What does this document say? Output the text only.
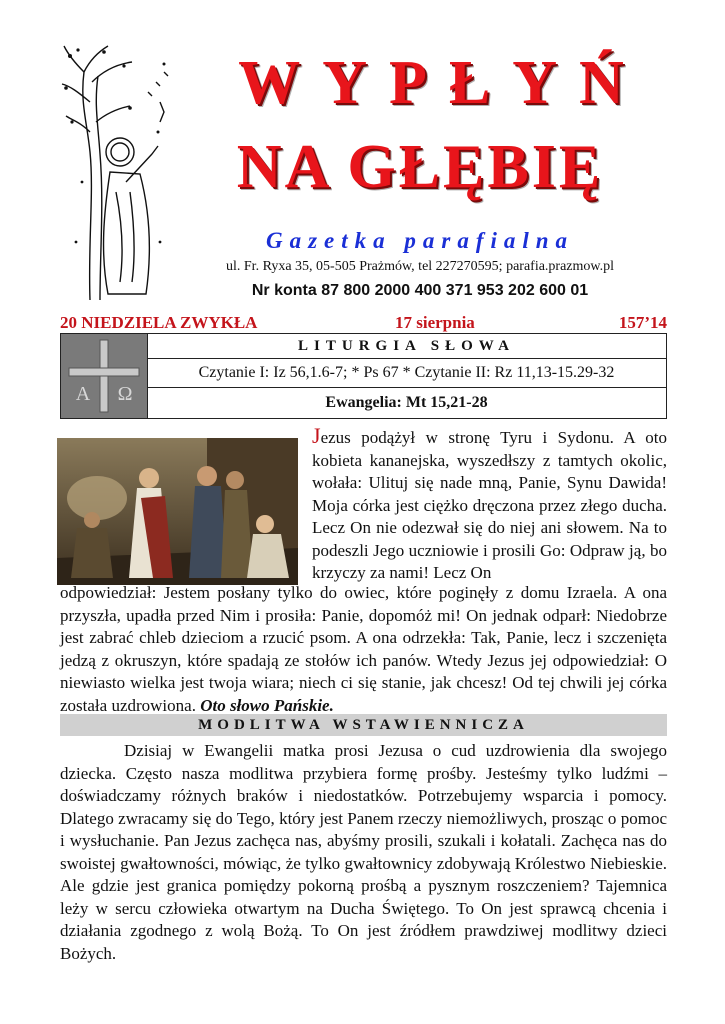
WYPŁYŃ
NA GŁĘBIĘ
Gazetka parafialna
ul. Fr. Ryxa 35, 05-505 Prażmów, tel 227270595; parafia.prazmow.pl
Nr konta 87 800 2000 400 371 953 202 600 01
20 NIEDZIELA ZWYKŁA	17 sierpnia	157’14
A Ω
LITURGIA SŁOWA
Czytanie I: Iz 56,1.6-7; * Ps 67 * Czytanie II: Rz 11,13-15.29-32
Ewangelia: Mt 15,21-28
Jezus podążył w stronę Tyru i Sydonu. A oto kobieta kananejska, wyszedłszy z tamtych okolic, wołała: Ulituj się nade mną, Panie, Synu Dawida! Moja córka jest ciężko dręczona przez złego ducha. Lecz On nie odezwał się do niej ani słowem. Na to podeszli Jego uczniowie i prosili Go: Odpraw ją, bo krzyczy za nami! Lecz On
odpowiedział: Jestem posłany tylko do owiec, które poginęły z domu Izraela. A ona przyszła, upadła przed Nim i prosiła: Panie, dopomóż mi! On jednak odparł: Niedobrze jest zabrać chleb dzieciom a rzucić psom. A ona odrzekła: Tak, Panie, lecz i szczenięta jedzą z okruszyn, które spadają ze stołów ich panów. Wtedy Jezus jej odpowiedział: O niewiasto wielka jest twoja wiara; niech ci się stanie, jak chcesz! Od tej chwili jej córka została uzdrowiona. Oto słowo Pańskie.
MODLITWA WSTAWIENNICZA
Dzisiaj w Ewangelii matka prosi Jezusa o cud uzdrowienia dla swojego dziecka. Często nasza modlitwa przybiera formę prośby. Jesteśmy tylko ludźmi – doświadczamy różnych braków i niedostatków. Potrzebujemy wsparcia i pomocy. Dlatego zwracamy się do Tego, który jest Panem rzeczy niemożliwych, prosząc o pomoc i wysłuchanie. Pan Jezus zachęca nas, abyśmy prosili, szukali i kołatali. Zachęca nas do swoistej gwałtowności, mówiąc, że tylko gwałtownicy zdobywają Królestwo Niebieskie. Ale gdzie jest granica pomiędzy pokorną prośbą a pysznym roszczeniem? Tajemnica leży w sercu człowieka otwartym na Ducha Świętego. To On jest sprawcą chcenia i działania zgodnego z wolą Bożą. To On jest źródłem prawdziwej modlitwy dzieci Bożych.
